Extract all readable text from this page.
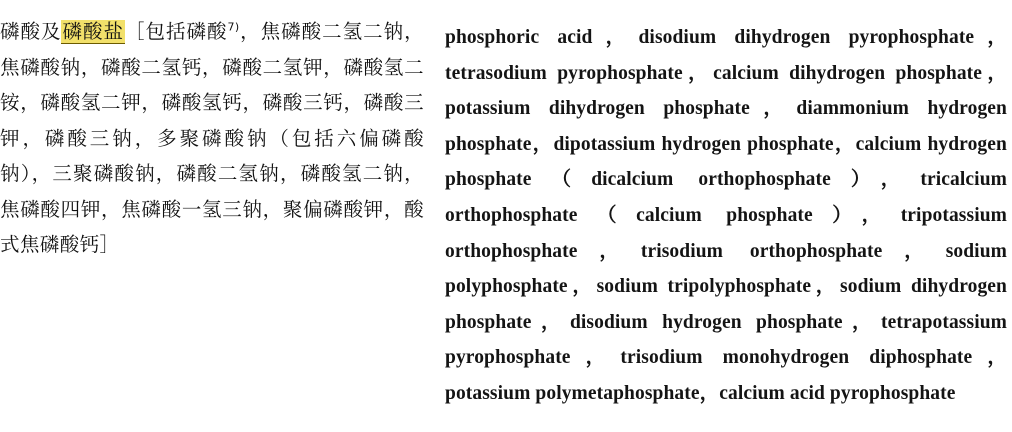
磷酸及磷酸盐［包括磷酸$^{7)}$，焦磷酸二氢二钠，焦磷酸钠，磷酸二氢钙，磷酸二氢钾，磷酸氢二铵，磷酸氢二钾，磷酸氢钙，磷酸三钙，磷酸三钾，磷酸三钠，多聚磷酸钠（包括六偏磷酸钠），三聚磷酸钠，磷酸二氢钠，磷酸氢二钠，焦磷酸四钾，焦磷酸一氢三钠，聚偏磷酸钾，酸式焦磷酸钙］
phosphoric acid，disodium dihydrogen pyrophosphate，tetrasodium pyrophosphate，calcium dihydrogen phosphate，potassium dihydrogen phosphate，diammonium hydrogen phosphate，dipotassium hydrogen phosphate，calcium hydrogen phosphate（dicalcium orthophosphate），tricalcium orthophosphate（calcium phosphate），tripotassium orthophosphate，trisodium orthophosphate，sodium polyphosphate，sodium tripolyphosphate，sodium dihydrogen phosphate，disodium hydrogen phosphate，tetrapotassium pyrophosphate，trisodium monohydrogen diphosphate，potassium polymetaphosphate，calcium acid pyrophosphate
